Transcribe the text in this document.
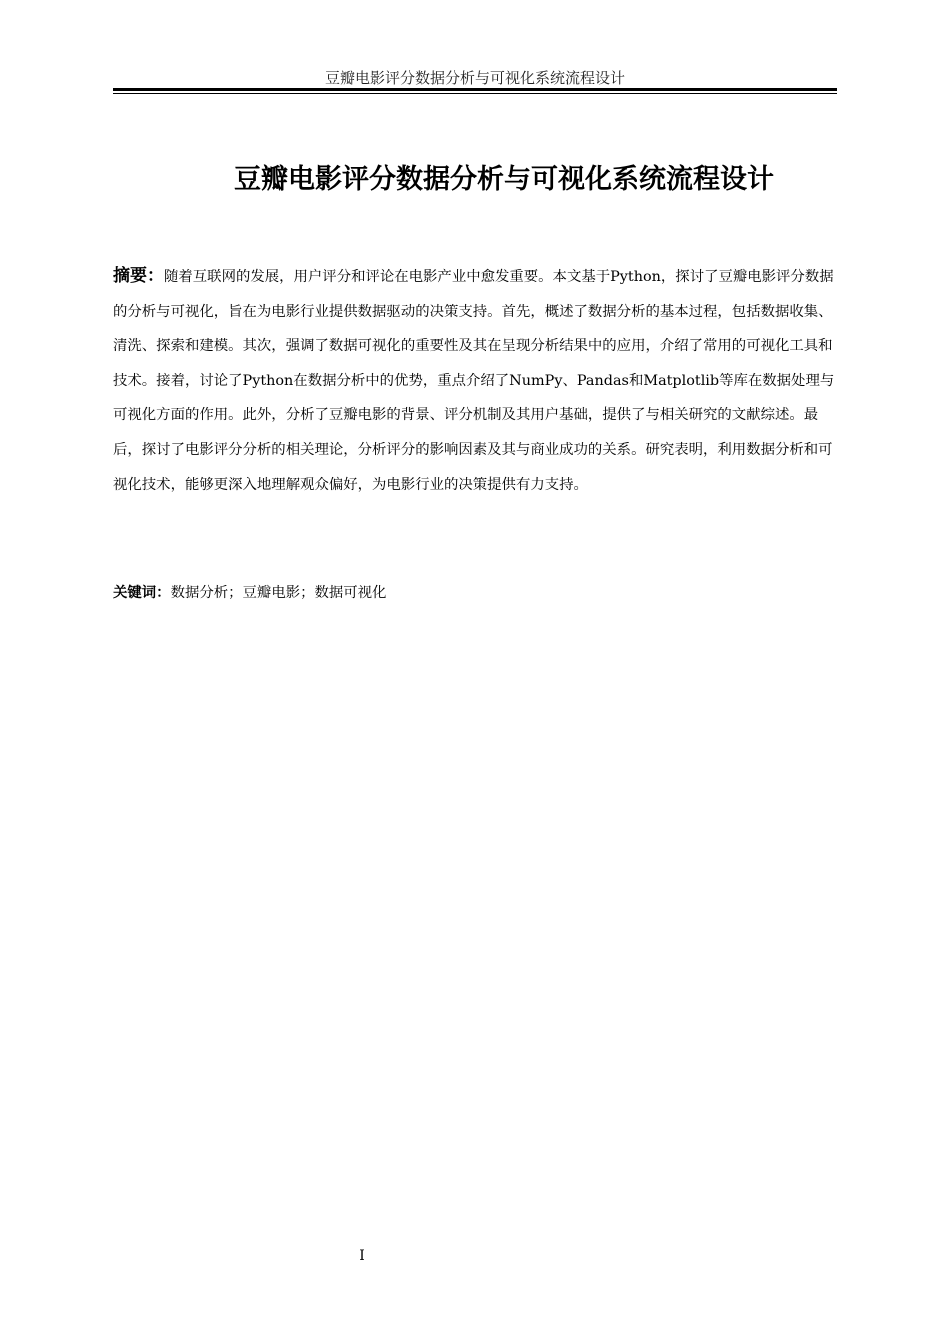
豆瓣电影评分数据分析与可视化系统流程设计
豆瓣电影评分数据分析与可视化系统流程设计

摘要：随着互联网的发展，用户评分和评论在电影产业中愈发重要。本文基于Python，探讨了豆瓣电影评分数据的分析与可视化，旨在为电影行业提供数据驱动的决策支持。首先，概述了数据分析的基本过程，包括数据收集、清洗、探索和建模。其次，强调了数据可视化的重要性及其在呈现分析结果中的应用，介绍了常用的可视化工具和技术。接着，讨论了Python在数据分析中的优势，重点介绍了NumPy、Pandas和Matplotlib等库在数据处理与可视化方面的作用。此外，分析了豆瓣电影的背景、评分机制及其用户基础，提供了与相关研究的文献综述。最后，探讨了电影评分分析的相关理论，分析评分的影响因素及其与商业成功的关系。研究表明，利用数据分析和可视化技术，能够更深入地理解观众偏好，为电影行业的决策提供有力支持。

关键词：数据分析；豆瓣电影；数据可视化

I
